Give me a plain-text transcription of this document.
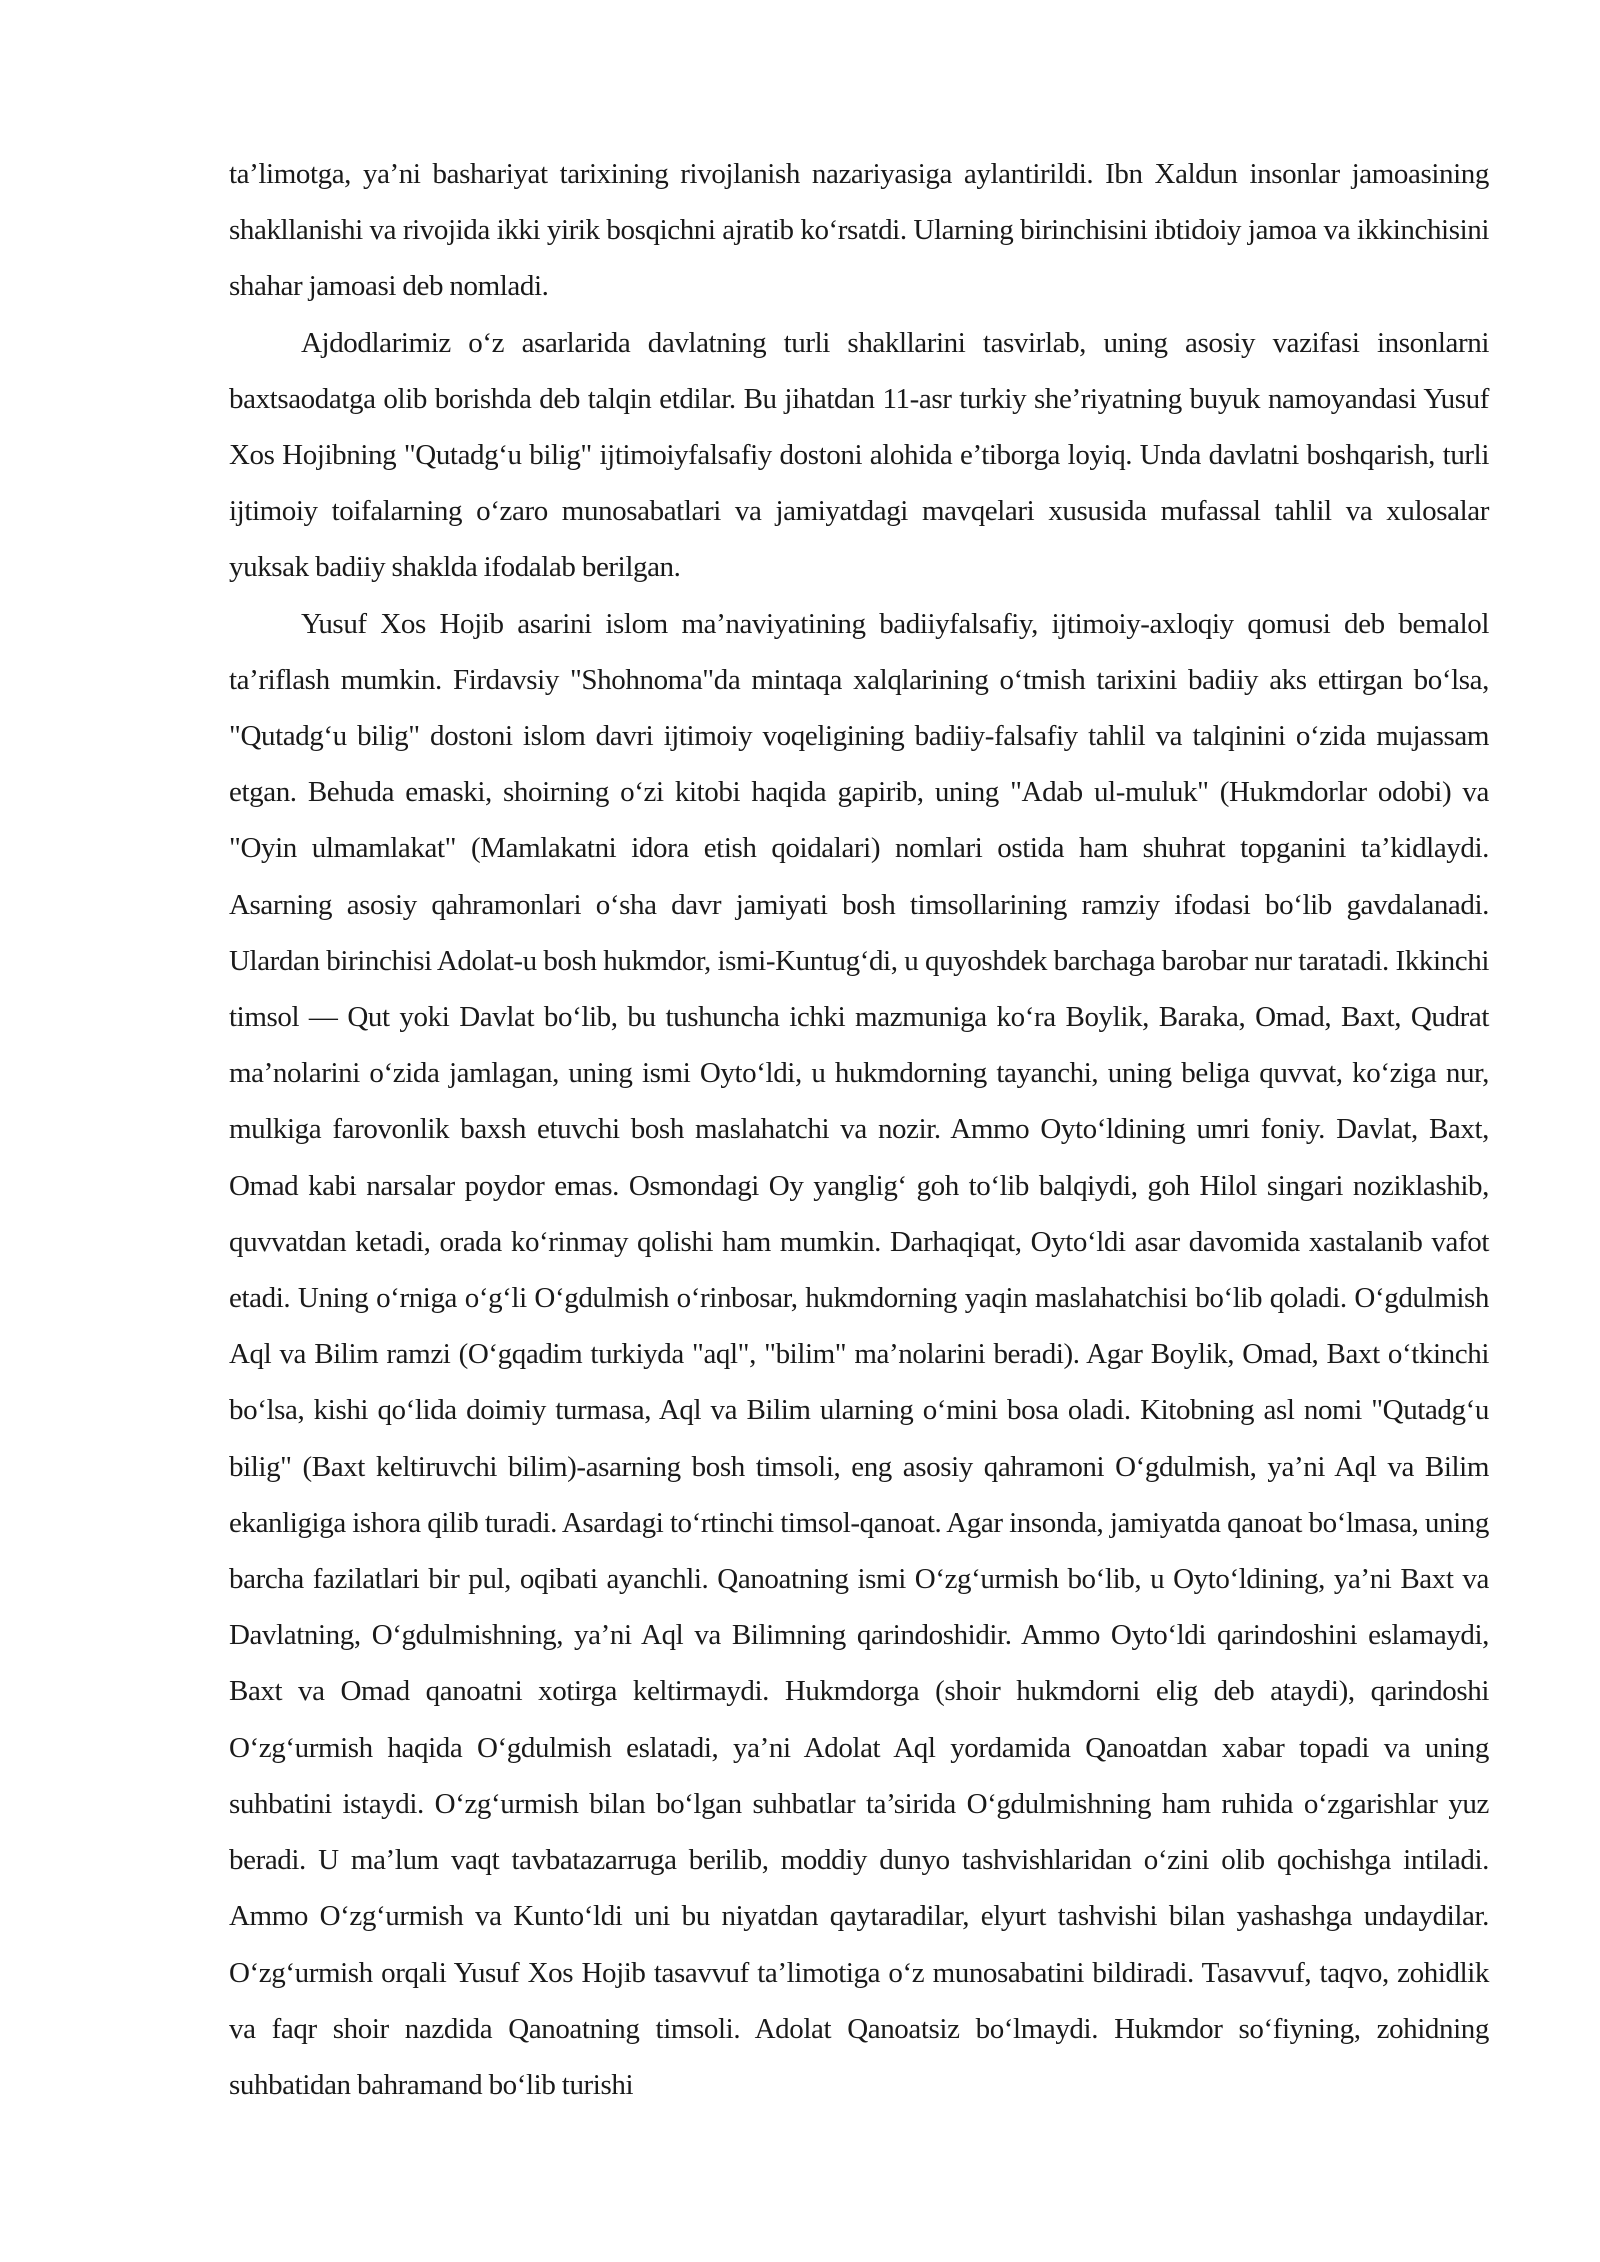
ta’limotga, ya’ni bashariyat tarixining rivojlanish nazariyasiga aylantirildi. Ibn Xaldun insonlar jamoasining shakllanishi va rivojida ikki yirik bosqichni ajratib ko‘rsatdi. Ularning birinchisini ibtidoiy jamoa va ikkinchisini shahar jamoasi deb nomladi.

Ajdodlarimiz o‘z asarlarida davlatning turli shakllarini tasvirlab, uning asosiy vazifasi insonlarni baxtsaodatga olib borishda deb talqin etdilar. Bu jihatdan 11-asr turkiy she’riyatning buyuk namoyandasi Yusuf Xos Hojibning "Qutadg‘u bilig" ijtimoiyfalsafiy dostoni alohida e’tiborga loyiq. Unda davlatni boshqarish, turli ijtimoiy toifalarning o‘zaro munosabatlari va jamiyatdagi mavqelari xususida mufassal tahlil va xulosalar yuksak badiiy shaklda ifodalab berilgan.

Yusuf Xos Hojib asarini islom ma’naviyatining badiiyfalsafiy, ijtimoiy-axloqiy qomusi deb bemalol ta’riflash mumkin. Firdavsiy "Shohnoma"da mintaqa xalqlarining o‘tmish tarixini badiiy aks ettirgan bo‘lsa, "Qutadg‘u bilig" dostoni islom davri ijtimoiy voqeligining badiiy-falsafiy tahlil va talqinini o‘zida mujassam etgan. Behuda emaski, shoirning o‘zi kitobi haqida gapirib, uning "Adab ul-muluk" (Hukmdorlar odobi) va "Oyin ulmamlakat" (Mamlakatni idora etish qoidalari) nomlari ostida ham shuhrat topganini ta’kidlaydi. Asarning asosiy qahramonlari o‘sha davr jamiyati bosh timsollarining ramziy ifodasi bo‘lib gavdalanadi. Ulardan birinchisi Adolat-u bosh hukmdor, ismi-Kuntug‘di, u quyoshdek barchaga barobar nur taratadi. Ikkinchi timsol — Qut yoki Davlat bo‘lib, bu tushuncha ichki mazmuniga ko‘ra Boylik, Baraka, Omad, Baxt, Qudrat ma’nolarini o‘zida jamlagan, uning ismi Oyto‘ldi, u hukmdorning tayanchi, uning beliga quvvat, ko‘ziga nur, mulkiga farovonlik baxsh etuvchi bosh maslahatchi va nozir. Ammo Oyto‘ldining umri foniy. Davlat, Baxt, Omad kabi narsalar poydor emas. Osmondagi Oy yanglig‘ goh to‘lib balqiydi, goh Hilol singari noziklashib, quvvatdan ketadi, orada ko‘rinmay qolishi ham mumkin. Darhaqiqat, Oyto‘ldi asar davomida xastalanib vafot etadi. Uning o‘rniga o‘g‘li O‘gdulmish o‘rinbosar, hukmdorning yaqin maslahatchisi bo‘lib qoladi. O‘gdulmish Aql va Bilim ramzi (O‘gqadim turkiyda "aql", "bilim" ma’nolarini beradi). Agar Boylik, Omad, Baxt o‘tkinchi bo‘lsa, kishi qo‘lida doimiy turmasa, Aql va Bilim ularning o‘mini bosa oladi. Kitobning asl nomi "Qutadg‘u bilig" (Baxt keltiruvchi bilim)-asarning bosh timsoli, eng asosiy qahramoni O‘gdulmish, ya’ni Aql va Bilim ekanligiga ishora qilib turadi. Asardagi to‘rtinchi timsol-qanoat. Agar insonda, jamiyatda qanoat bo‘lmasa, uning barcha fazilatlari bir pul, oqibati ayanchli. Qanoatning ismi O‘zg‘urmish bo‘lib, u Oyto‘ldining, ya’ni Baxt va Davlatning, O‘gdulmishning, ya’ni Aql va Bilimning qarindoshidir. Ammo Oyto‘ldi qarindoshini eslamaydi, Baxt va Omad qanoatni xotirga keltirmaydi. Hukmdorga (shoir hukmdorni elig deb ataydi), qarindoshi O‘zg‘urmish haqida O‘gdulmish eslatadi, ya’ni Adolat Aql yordamida Qanoatdan xabar topadi va uning suhbatini istaydi. O‘zg‘urmish bilan bo‘lgan suhbatlar ta’sirida O‘gdulmishning ham ruhida o‘zgarishlar yuz beradi. U ma’lum vaqt tavbatazarruga berilib, moddiy dunyo tashvishlaridan o‘zini olib qochishga intiladi. Ammo O‘zg‘urmish va Kunto‘ldi uni bu niyatdan qaytaradilar, elyurt tashvishi bilan yashashga undaydilar. O‘zg‘urmish orqali Yusuf Xos Hojib tasavvuf ta’limotiga o‘z munosabatini bildiradi. Tasavvuf, taqvo, zohidlik va faqr shoir nazdida Qanoatning timsoli. Adolat Qanoatsiz bo‘lmaydi. Hukmdor so‘fiyning, zohidning suhbatidan bahramand bo‘lib turishi
